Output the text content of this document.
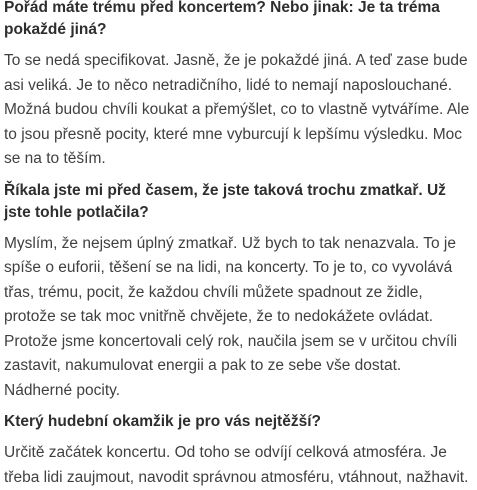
Pořád máte trému před koncertem? Nebo jinak: Je ta tréma pokaždé jiná?

To se nedá specifikovat. Jasně, že je pokaždé jiná. A teď zase bude asi veliká. Je to něco netradičního, lidé to nemají naposlouchané. Možná budou chvíli koukat a přemýšlet, co to vlastně vytváříme. Ale to jsou přesně pocity, které mne vyburcují k lepšímu výsledku. Moc se na to těším.

Říkala jste mi před časem, že jste taková trochu zmatkař. Už jste tohle potlačila?

Myslím, že nejsem úplný zmatkař. Už bych to tak nenazvala. To je spíše o euforii, těšení se na lidi, na koncerty. To je to, co vyvolává třas, trému, pocit, že každou chvíli můžete spadnout ze židle, protože se tak moc vnitřně chvějete, že to nedokážete ovládat. Protože jsme koncertovali celý rok, naučila jsem se v určitou chvíli zastavit, nakumulovat energii a pak to ze sebe vše dostat. Nádherné pocity.

Který hudební okamžik je pro vás nejtěžší?

Určitě začátek koncertu. Od toho se odvíjí celková atmosféra. Je třeba lidi zaujmout, navodit správnou atmosféru, vtáhnout, nažhavit.
